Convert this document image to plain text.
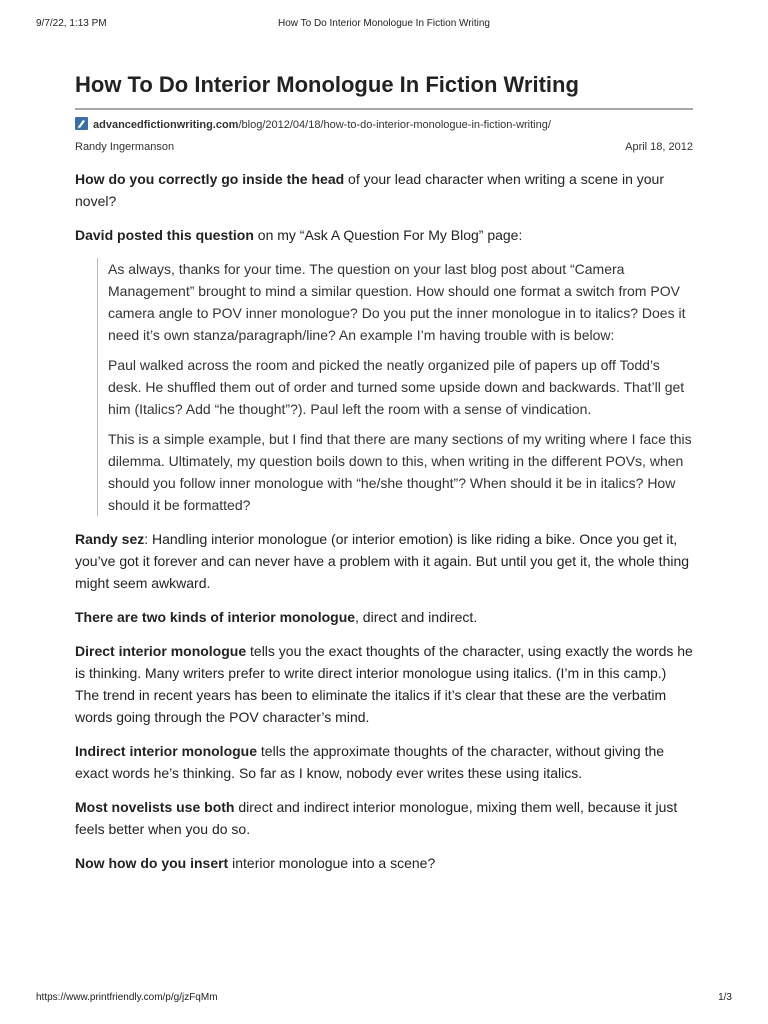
9/7/22, 1:13 PM	How To Do Interior Monologue In Fiction Writing
How To Do Interior Monologue In Fiction Writing
advancedfictionwriting.com/blog/2012/04/18/how-to-do-interior-monologue-in-fiction-writing/
Randy Ingermanson	April 18, 2012

How do you correctly go inside the head of your lead character when writing a scene in your novel?

David posted this question on my “Ask A Question For My Blog” page:

As always, thanks for your time. The question on your last blog post about “Camera Management” brought to mind a similar question. How should one format a switch from POV camera angle to POV inner monologue? Do you put the inner monologue in to italics? Does it need it’s own stanza/paragraph/line? An example I’m having trouble with is below:

Paul walked across the room and picked the neatly organized pile of papers up off Todd’s desk. He shuffled them out of order and turned some upside down and backwards. That’ll get him (Italics? Add “he thought”?). Paul left the room with a sense of vindication.

This is a simple example, but I find that there are many sections of my writing where I face this dilemma. Ultimately, my question boils down to this, when writing in the different POVs, when should you follow inner monologue with “he/she thought”? When should it be in italics? How should it be formatted?

Randy sez: Handling interior monologue (or interior emotion) is like riding a bike. Once you get it, you’ve got it forever and can never have a problem with it again. But until you get it, the whole thing might seem awkward.

There are two kinds of interior monologue, direct and indirect.

Direct interior monologue tells you the exact thoughts of the character, using exactly the words he is thinking. Many writers prefer to write direct interior monologue using italics. (I’m in this camp.) The trend in recent years has been to eliminate the italics if it’s clear that these are the verbatim words going through the POV character’s mind.

Indirect interior monologue tells the approximate thoughts of the character, without giving the exact words he’s thinking. So far as I know, nobody ever writes these using italics.

Most novelists use both direct and indirect interior monologue, mixing them well, because it just feels better when you do so.

Now how do you insert interior monologue into a scene?

https://www.printfriendly.com/p/g/jzFqMm	1/3
